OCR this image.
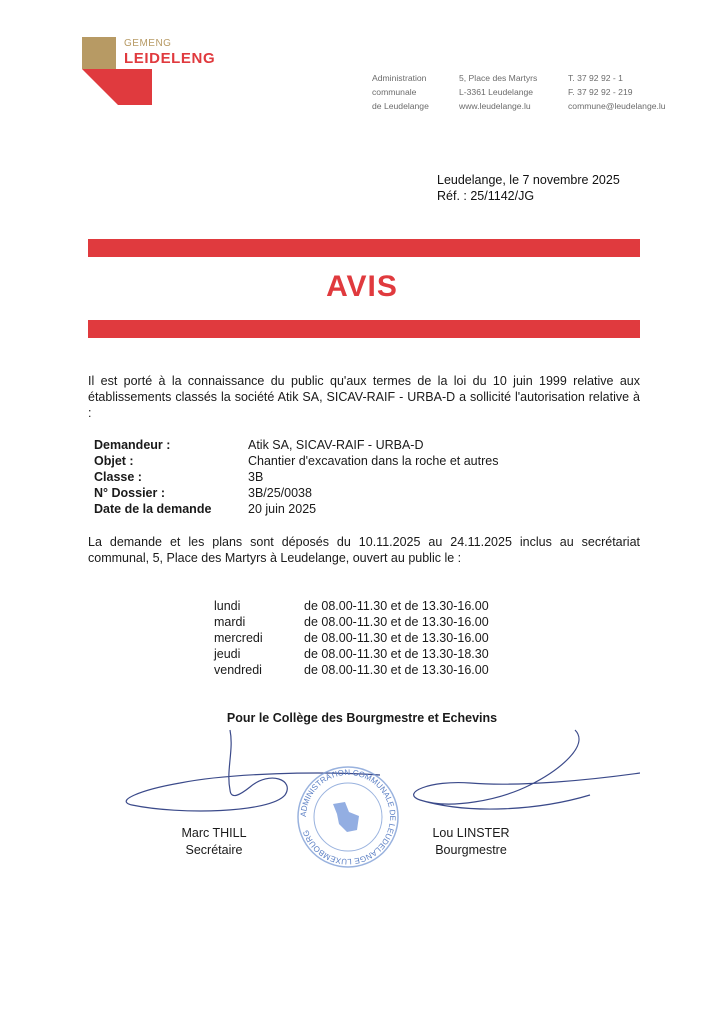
GEMENG
LEIDELENG
Administration
communale
de Leudelange
5, Place des Martyrs
L-3361 Leudelange
www.leudelange.lu
T. 37 92 92 - 1
F. 37 92 92 - 219
commune@leudelange.lu
Leudelange, le 7 novembre 2025
Réf. : 25/1142/JG
AVIS
Il est porté à la connaissance du public qu'aux termes de la loi du 10 juin 1999 relative aux établissements classés la société Atik SA, SICAV-RAIF - URBA-D a sollicité l'autorisation relative à :
Demandeur :	Atik SA, SICAV-RAIF - URBA-D
Objet :	Chantier d'excavation dans la roche et autres
Classe :	3B
N° Dossier :	3B/25/0038
Date de la demande	20 juin 2025
La demande et les plans sont déposés du 10.11.2025 au 24.11.2025 inclus au secrétariat communal, 5, Place des Martyrs à Leudelange, ouvert au public le :
lundi	de 08.00-11.30 et de 13.30-16.00
mardi	de 08.00-11.30 et de 13.30-16.00
mercredi	de 08.00-11.30 et de 13.30-16.00
jeudi	de 08.00-11.30 et de 13.30-18.30
vendredi	de 08.00-11.30 et de 13.30-16.00
Pour le Collège des Bourgmestre et Echevins
ADMINISTRATION COMMUNALE DE LEUDELANGE LUXEMBOURG
Marc THILL
Secrétaire
Lou LINSTER
Bourgmestre
